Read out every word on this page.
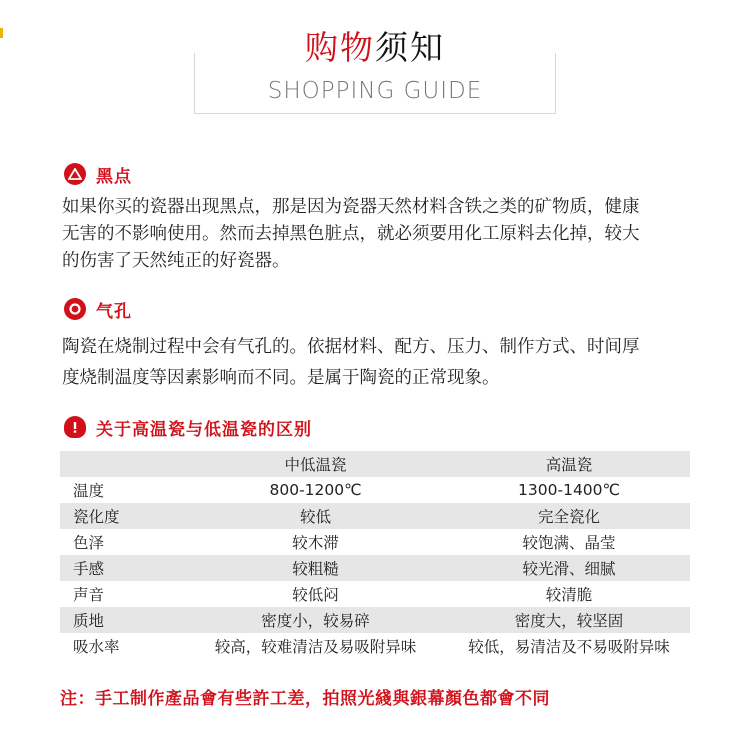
购物须知
SHOPPING GUIDE
黑点
如果你买的瓷器出现黑点，那是因为瓷器天然材料含铁之类的矿物质，健康
无害的不影响使用。然而去掉黑色脏点，就必须要用化工原料去化掉，较大
的伤害了天然纯正的好瓷器。
气孔
陶瓷在烧制过程中会有气孔的。依据材料、配方、压力、制作方式、时间厚
度烧制温度等因素影响而不同。是属于陶瓷的正常现象。
关于高温瓷与低温瓷的区别
	中低温瓷	高温瓷
温度	800-1200℃	1300-1400℃
瓷化度	较低	完全瓷化
色泽	较木滞	较饱满、晶莹
手感	较粗糙	较光滑、细腻
声音	较低闷	较清脆
质地	密度小，较易碎	密度大，较坚固
吸水率	较高，较难清洁及易吸附异味	较低，易清洁及不易吸附异味
注：手工制作產品會有些許工差，拍照光綫與銀幕顏色都會不同
